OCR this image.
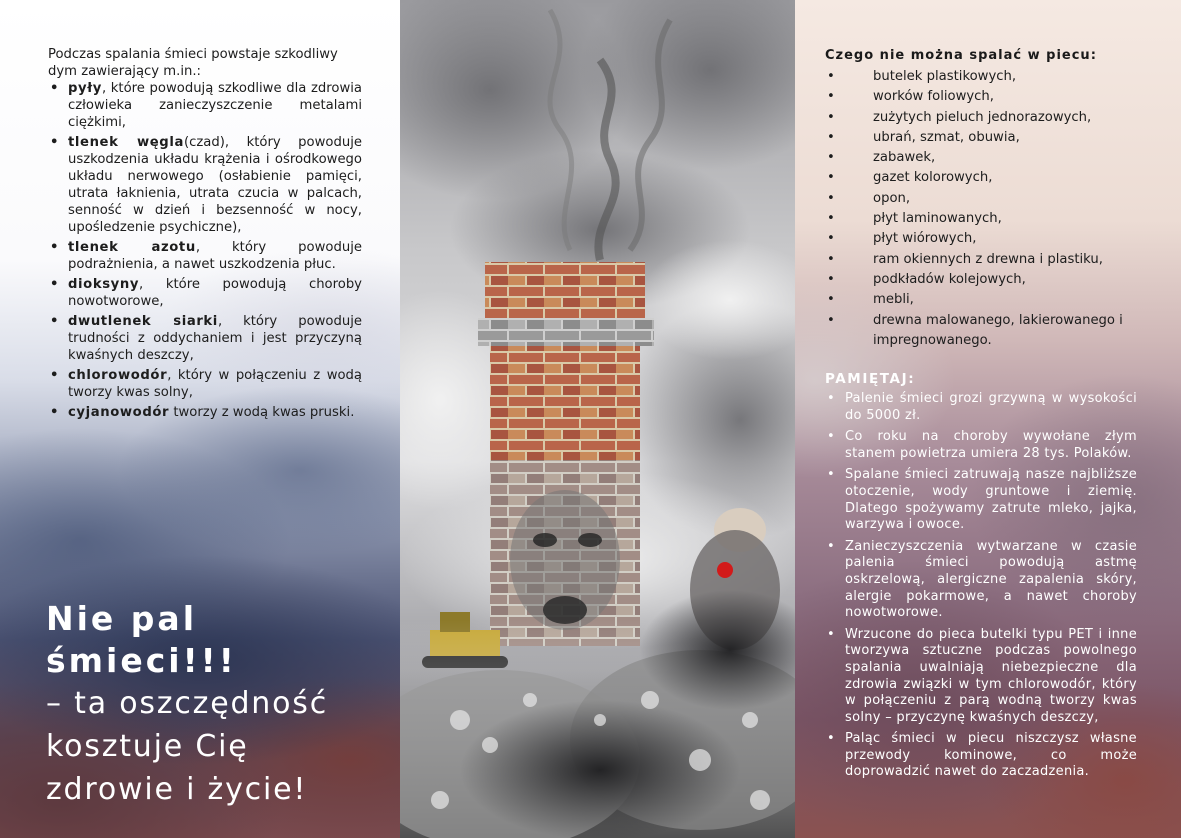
Podczas spalania śmieci powstaje szkodliwy dym zawierający m.in.:

• pyły, które powodują szkodliwe dla zdrowia człowieka zanieczyszczenie metalami ciężkimi,
• tlenek węgla(czad), który powoduje uszkodzenia układu krążenia i ośrodkowego układu nerwowego (osłabienie pamięci, utrata łaknienia, utrata czucia w palcach, senność w dzień i bezsenność w nocy, upośledzenie psychiczne),
• tlenek azotu, który powoduje podrażnienia, a nawet uszkodzenia płuc.
• dioksyny, które powodują choroby nowotworowe,
• dwutlenek siarki, który powoduje trudności z oddychaniem i jest przyczyną kwaśnych deszczy,
• chlorowodór, który w połączeniu z wodą tworzy kwas solny,
• cyjanowodór tworzy z wodą kwas pruski.
Nie pal
śmieci!!!
– ta oszczędność
kosztuje Cię
zdrowie i życie!

Czego nie można spalać w piecu:

•	butelek plastikowych,
•	worków foliowych,
•	zużytych pieluch jednorazowych,
•	ubrań, szmat, obuwia,
•	zabawek,
•	gazet kolorowych,
•	opon,
•	płyt laminowanych,
•	płyt wiórowych,
•	ram okiennych z drewna i plastiku,
•	podkładów kolejowych,
•	mebli,
•	drewna malowanego, lakierowanego i impregnowanego.

PAMIĘTAJ:

• Palenie śmieci grozi grzywną w wysokości do 5000 zł.
• Co roku na choroby wywołane złym stanem powietrza umiera 28 tys. Polaków.
• Spalane śmieci zatruwają nasze najbliższe otoczenie, wody gruntowe i ziemię. Dlatego spożywamy zatrute mleko, jajka, warzywa i owoce.
• Zanieczyszczenia wytwarzane w czasie palenia śmieci powodują astmę oskrzelową, alergiczne zapalenia skóry, alergie pokarmowe, a nawet choroby nowotworowe.
• Wrzucone do pieca butelki typu PET i inne tworzywa sztuczne podczas powolnego spalania uwalniają niebezpieczne dla zdrowia związki w tym chlorowodór, który w połączeniu z parą wodną tworzy kwas solny – przyczynę kwaśnych deszczy,
• Paląc śmieci w piecu niszczysz własne przewody kominowe, co może doprowadzić nawet do zaczadzenia.
